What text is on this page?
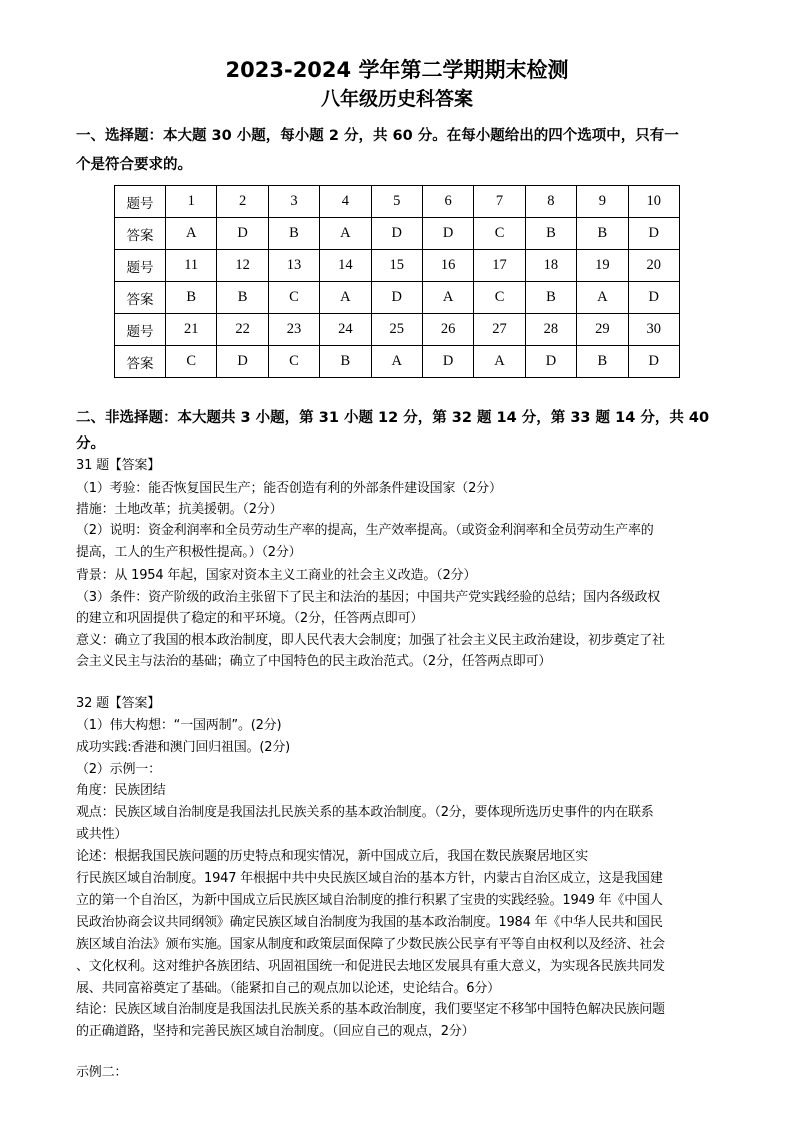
2023-2024 学年第二学期期末检测
八年级历史科答案
一、选择题：本大题 30 小题，每小题 2 分，共 60 分。在每小题给出的四个选项中，只有一
个是符合要求的。
题号	1	2	3	4	5	6	7	8	9	10
答案	A	D	B	A	D	D	C	B	B	D
题号	11	12	13	14	15	16	17	18	19	20
答案	B	B	C	A	D	A	C	B	A	D
题号	21	22	23	24	25	26	27	28	29	30
答案	C	D	C	B	A	D	A	D	B	D
二、非选择题：本大题共 3 小题，第 31 小题 12 分，第 32 题 14 分，第 33 题 14 分，共 40
分。
31 题【答案】
（1）考验：能否恢复国民生产；能否创造有利的外部条件建设国家（2分）
措施：土地改革；抗美援朝。（2分）
（2）说明：资金利润率和全员劳动生产率的提高，生产效率提高。（或资金利润率和全员劳动生产率的
提高，工人的生产积极性提高。）（2分）
背景：从 1954 年起，国家对资本主义工商业的社会主义改造。（2分）
（3）条件：资产阶级的政治主张留下了民主和法治的基因；中国共产党实践经验的总结；国内各级政权
的建立和巩固提供了稳定的和平环境。（2分，任答两点即可）
意义：确立了我国的根本政治制度，即人民代表大会制度；加强了社会主义民主政治建设，初步奠定了社
会主义民主与法治的基础；确立了中国特色的民主政治范式。（2分，任答两点即可）
32 题【答案】
（1）伟大构想：“一国两制”。(2分)
成功实践:香港和澳门回归祖国。(2分)
（2）示例一：
角度：民族团结
观点：民族区域自治制度是我国法扎民族关系的基本政治制度。（2分，要体现所选历史事件的内在联系
或共性）
论述：根据我国民族问题的历史特点和现实情况，新中国成立后，我国在数民族聚居地区实
行民族区域自治制度。1947 年根据中共中央民族区域自治的基本方针，内蒙古自治区成立，这是我国建
立的第一个自治区，为新中国成立后民族区域自治制度的推行积累了宝贵的实践经验。1949 年《中国人
民政治协商会议共同纲领》确定民族区域自治制度为我国的基本政治制度。1984 年《中华人民共和国民
族区域自治法》颁布实施。国家从制度和政策层面保障了少数民族公民享有平等自由权利以及经济、社会
、文化权利。这对维护各族团结、巩固祖国统一和促进民去地区发展具有重大意义，为实现各民族共同发
展、共同富裕奠定了基础。（能紧扣自己的观点加以论述，史论结合。6分）
结论：民族区域自治制度是我国法扎民族关系的基本政治制度，我们要坚定不移邹中国特色解决民族问题
的正确道路，坚持和完善民族区域自治制度。（回应自己的观点，2分）
示例二：
